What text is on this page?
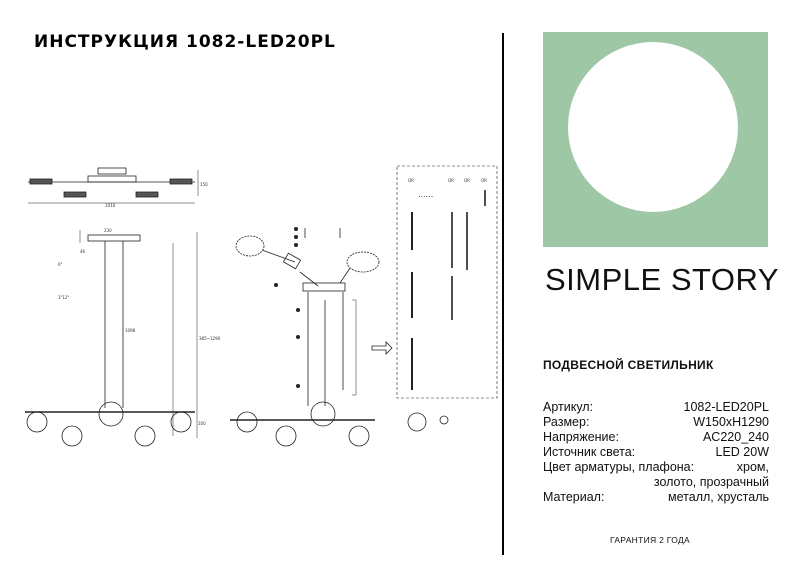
ИНСТРУКЦИЯ 1082-LED20PL
1010
150
230
46
6"
3"12"
1098
385~1290
200
OR	OR	OR	OR
......
SIMPLE STORY
ПОДВЕСНОЙ СВЕТИЛЬНИК
Артикул:	1082-LED20PL
Размер:	W150xH1290
Напряжение:	AC220_240
Источник света:	LED 20W
Цвет арматуры, плафона:	хром,
золото, прозрачный
Материал:	металл, хрусталь
ГАРАНТИЯ 2 ГОДА
